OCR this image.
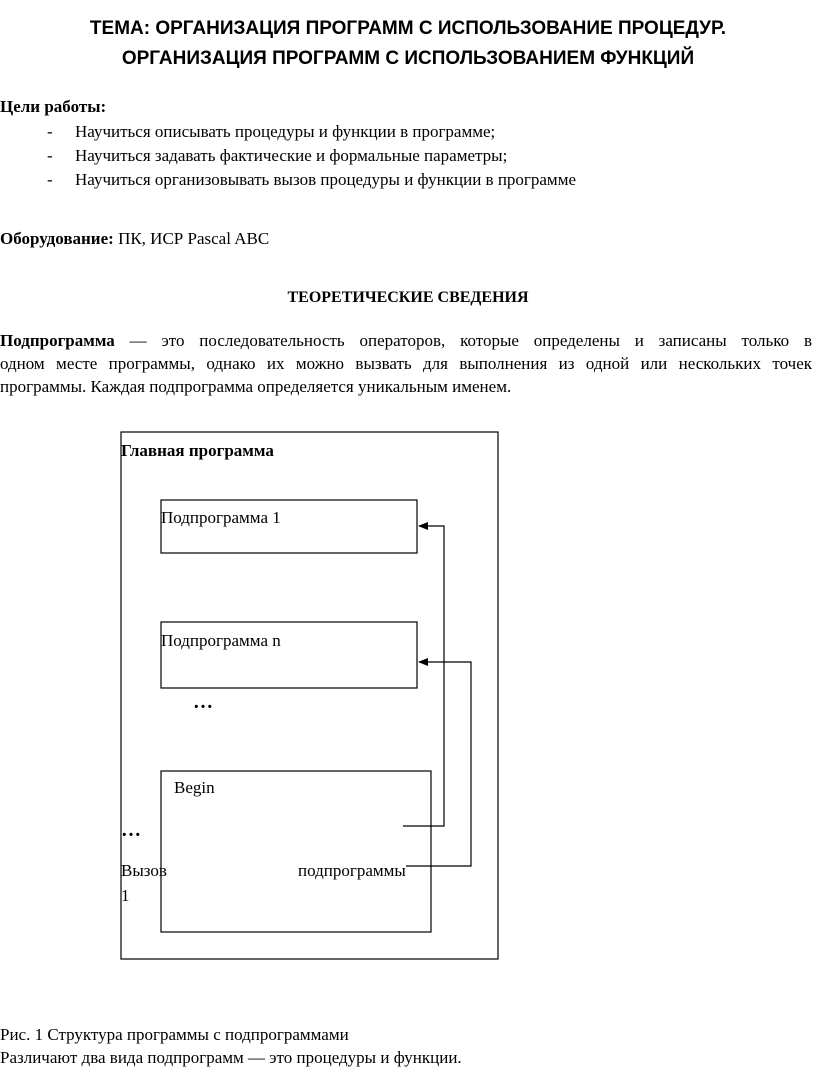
ТЕМА: ОРГАНИЗАЦИЯ ПРОГРАММ С ИСПОЛЬЗОВАНИЕ ПРОЦЕДУР.
ОРГАНИЗАЦИЯ ПРОГРАММ С ИСПОЛЬЗОВАНИЕМ ФУНКЦИЙ
Цели работы:
- Научиться описывать процедуры и функции в программе;
- Научиться задавать фактические и формальные параметры;
- Научиться организовывать вызов процедуры и функции в программе
Оборудование: ПК, ИСР Pascal ABC
ТЕОРЕТИЧЕСКИЕ СВЕДЕНИЯ
Подпрограмма — это последовательность операторов, которые определены и записаны только в
одном месте программы, однако их можно вызвать для выполнения из одной или нескольких точек
программы. Каждая подпрограмма определяется уникальным именем.
Главная программа
Подпрограмма 1
Подпрограмма n
…
Begin
…
Вызов	подпрограммы
1
Рис. 1 Структура программы с подпрограммами
Различают два вида подпрограмм — это процедуры и функции.
